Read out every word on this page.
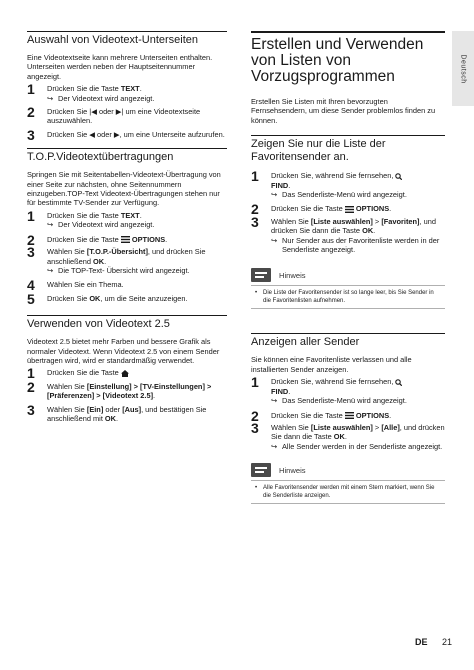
Deutsch
Auswahl von Videotext-Unterseiten

Eine Videotextseite kann mehrere Unterseiten enthalten. Unterseiten werden neben der Hauptseitennummer angezeigt.

1 Drücken Sie die Taste TEXT.
↪ Der Videotext wird angezeigt.
2 Drücken Sie |◀ oder ▶| um eine Videotextseite auszuwählen.
3 Drücken Sie ◀ oder ▶, um eine Unterseite aufzurufen.
T.O.P.Videotextübertragungen

Springen Sie mit Seitentabellen-Videotext-Übertragung von einer Seite zur nächsten, ohne Seitennummern einzugeben.TOP-Text Videotext-Übertragungen stehen nur für bestimmte TV-Sender zur Verfügung.

1 Drücken Sie die Taste TEXT.
↪ Der Videotext wird angezeigt.
2 Drücken Sie die Taste  OPTIONS.
3 Wählen Sie [T.O.P.-Übersicht], und drücken Sie anschließend OK.
↪ Die TOP-Text- Übersicht wird angezeigt.
4 Wählen Sie ein Thema.
5 Drücken Sie OK, um die Seite anzuzeigen.
Verwenden von Videotext 2.5

Videotext 2.5 bietet mehr Farben und bessere Grafik als normaler Videotext. Wenn Videotext 2.5 von einem Sender übertragen wird, wird er standardmäßig verwendet.

1 Drücken Sie die Taste
2 Wählen Sie [Einstellung] > [TV-Einstellungen] > [Präferenzen] > [Videotext 2.5].
3 Wählen Sie [Ein] oder [Aus], und bestätigen Sie anschließend mit OK.
Erstellen und Verwenden von Listen von Vorzugsprogrammen

Erstellen Sie Listen mit Ihren bevorzugten Fernsehsendern, um diese Sender problemlos finden zu können.

Zeigen Sie nur die Liste der Favoritensender an.
1 Drücken Sie, während Sie fernsehen,
FIND.
↪ Das Senderliste-Menü wird angezeigt.
2 Drücken Sie die Taste  OPTIONS.
3 Wählen Sie [Liste auswählen] > [Favoriten], und drücken Sie dann die Taste OK.
↪ Nur Sender aus der Favoritenliste werden in der Senderliste angezeigt.
Hinweis
• Die Liste der Favoritensender ist so lange leer, bis Sie Sender in die Favoritenlisten aufnehmen.
Anzeigen aller Sender

Sie können eine Favoritenliste verlassen und alle installierten Sender anzeigen.

1 Drücken Sie, während Sie fernsehen,
FIND.
↪ Das Senderliste-Menü wird angezeigt.
2 Drücken Sie die Taste  OPTIONS.
3 Wählen Sie [Liste auswählen] > [Alle], und drücken Sie dann die Taste OK.
↪ Alle Sender werden in der Senderliste angezeigt.
Hinweis
• Alle Favoritensender werden mit einem Stern markiert, wenn Sie die Senderliste anzeigen.
DE 21
